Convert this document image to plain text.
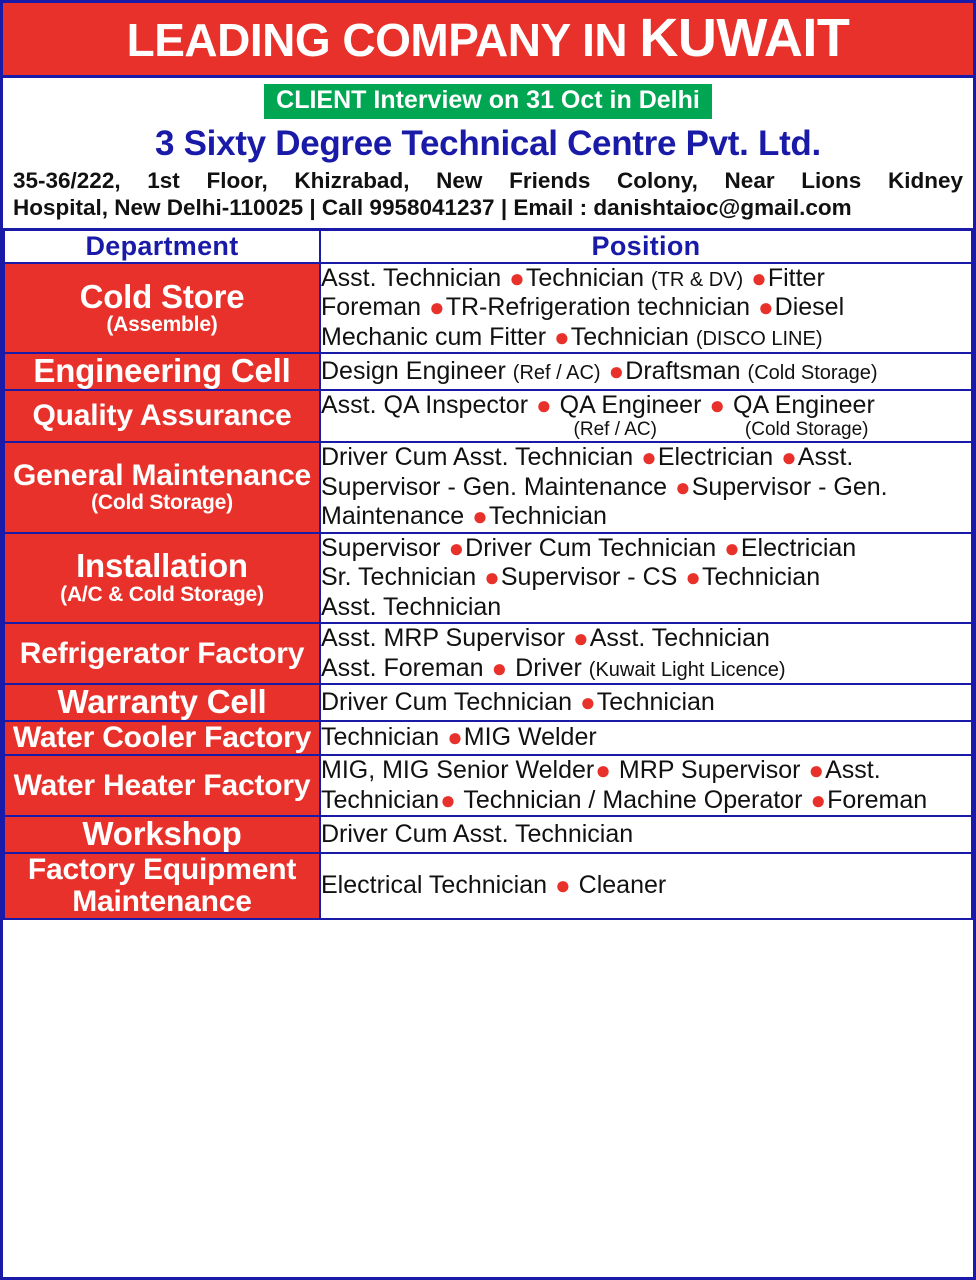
LEADING COMPANY IN KUWAIT
CLIENT Interview on 31 Oct in Delhi
3 Sixty Degree Technical Centre Pvt. Ltd.
35-36/222, 1st Floor, Khizrabad, New Friends Colony, Near Lions Kidney
Hospital, New Delhi-110025 | Call 9958041237 | Email : danishtaioc@gmail.com
Department	Position

Cold Store
(Assemble)	Asst. Technician ●Technician (TR & DV) ●Fitter
Foreman ●TR-Refrigeration technician ●Diesel
Mechanic cum Fitter ●Technician (DISCO LINE)

Engineering Cell	Design Engineer (Ref / AC) ●Draftsman (Cold Storage)

Quality Assurance	Asst. QA Inspector ● QA Engineer ● QA Engineer
(Ref / AC) (Cold Storage)

General Maintenance
(Cold Storage)	Driver Cum Asst. Technician ●Electrician ●Asst.
Supervisor - Gen. Maintenance ●Supervisor - Gen.
Maintenance ●Technician

Installation
(A/C & Cold Storage)	Supervisor ●Driver Cum Technician ●Electrician
Sr. Technician ●Supervisor - CS ●Technician
Asst. Technician

Refrigerator Factory	Asst. MRP Supervisor ●Asst. Technician
Asst. Foreman ● Driver (Kuwait Light Licence)

Warranty Cell	Driver Cum Technician ●Technician

Water Cooler Factory	Technician ●MIG Welder

Water Heater Factory	MIG, MIG Senior Welder● MRP Supervisor ●Asst.
Technician● Technician / Machine Operator ●Foreman

Workshop	Driver Cum Asst. Technician

Factory Equipment Maintenance	Electrical Technician ● Cleaner
